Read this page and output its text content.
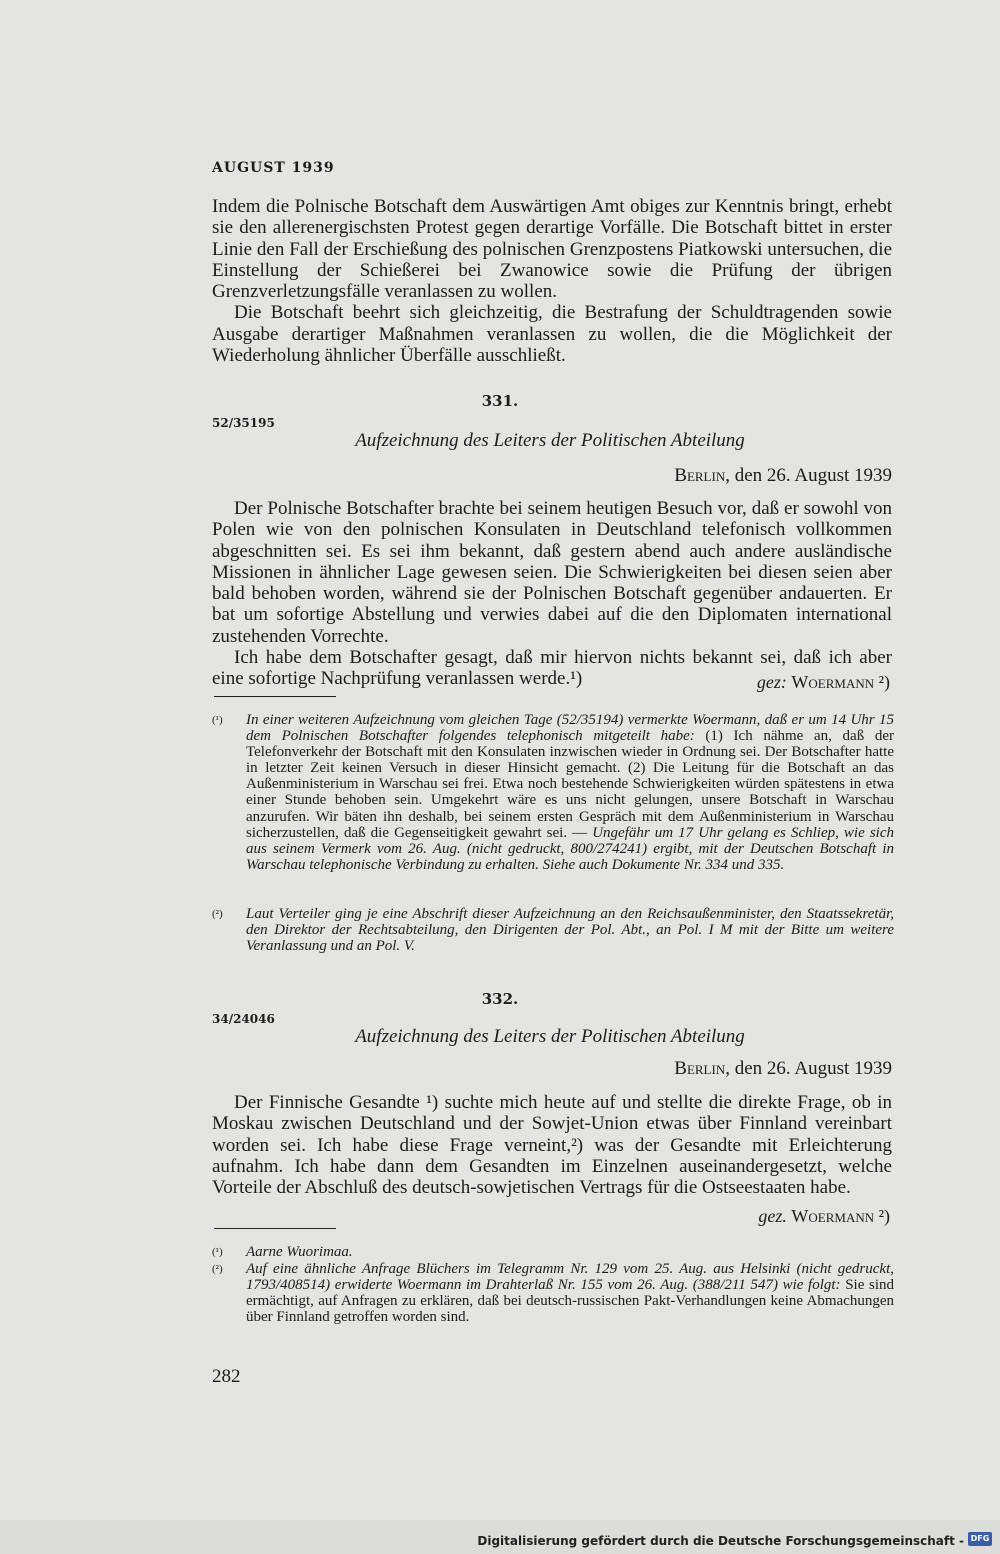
AUGUST 1939

Indem die Polnische Botschaft dem Auswärtigen Amt obiges zur Kenntnis bringt, erhebt sie den allerenergischsten Protest gegen derartige Vorfälle. Die Botschaft bittet in erster Linie den Fall der Erschießung des polnischen Grenzpostens Piatkowski untersuchen, die Einstellung der Schießerei bei Zwanowice sowie die Prüfung der übrigen Grenzverletzungsfälle veranlassen zu wollen.

Die Botschaft beehrt sich gleichzeitig, die Bestrafung der Schuldtragenden sowie Ausgabe derartiger Maßnahmen veranlassen zu wollen, die die Möglichkeit der Wiederholung ähnlicher Überfälle ausschließt.

331.
52/35195
Aufzeichnung des Leiters der Politischen Abteilung
Berlin, den 26. August 1939

Der Polnische Botschafter brachte bei seinem heutigen Besuch vor, daß er sowohl von Polen wie von den polnischen Konsulaten in Deutschland telefonisch vollkommen abgeschnitten sei. Es sei ihm bekannt, daß gestern abend auch andere ausländische Missionen in ähnlicher Lage gewesen seien. Die Schwierigkeiten bei diesen seien aber bald behoben worden, während sie der Polnischen Botschaft gegenüber andauerten. Er bat um sofortige Abstellung und verwies dabei auf die den Diplomaten international zustehenden Vorrechte.

Ich habe dem Botschafter gesagt, daß mir hiervon nichts bekannt sei, daß ich aber eine sofortige Nachprüfung veranlassen werde.¹)	gez: Woermann ²)
(¹) In einer weiteren Aufzeichnung vom gleichen Tage (52/35194) vermerkte Woermann, daß er um 14 Uhr 15 dem Polnischen Botschafter folgendes telephonisch mitgeteilt habe: (1) Ich nähme an, daß der Telefonverkehr der Botschaft mit den Konsulaten inzwischen wieder in Ordnung sei. Der Botschafter hatte in letzter Zeit keinen Versuch in dieser Hinsicht gemacht. (2) Die Leitung für die Botschaft an das Außenministerium in Warschau sei frei. Etwa noch bestehende Schwierigkeiten würden spätestens in etwa einer Stunde behoben sein. Umgekehrt wäre es uns nicht gelungen, unsere Botschaft in Warschau anzurufen. Wir bäten ihn deshalb, bei seinem ersten Gespräch mit dem Außenministerium in Warschau sicherzustellen, daß die Gegenseitigkeit gewahrt sei. — Ungefähr um 17 Uhr gelang es Schliep, wie sich aus seinem Vermerk vom 26. Aug. (nicht gedruckt, 800/274241) ergibt, mit der Deutschen Botschaft in Warschau telephonische Verbindung zu erhalten. Siehe auch Dokumente Nr. 334 und 335.
(²) Laut Verteiler ging je eine Abschrift dieser Aufzeichnung an den Reichsaußenminister, den Staatssekretär, den Direktor der Rechtsabteilung, den Dirigenten der Pol. Abt., an Pol. I M mit der Bitte um weitere Veranlassung und an Pol. V.
332.
34/24046
Aufzeichnung des Leiters der Politischen Abteilung
Berlin, den 26. August 1939

Der Finnische Gesandte ¹) suchte mich heute auf und stellte die direkte Frage, ob in Moskau zwischen Deutschland und der Sowjet-Union etwas über Finnland vereinbart worden sei. Ich habe diese Frage verneint,²) was der Gesandte mit Erleichterung aufnahm. Ich habe dann dem Gesandten im Einzelnen auseinandergesetzt, welche Vorteile der Abschluß des deutsch-sowjetischen Vertrags für die Ostseestaaten habe.

gez. Woermann ²)
(¹) Aarne Wuorimaa.
(²) Auf eine ähnliche Anfrage Blüchers im Telegramm Nr. 129 vom 25. Aug. aus Helsinki (nicht gedruckt, 1793/408514) erwiderte Woermann im Drahterlaß Nr. 155 vom 26. Aug. (388/211 547) wie folgt: Sie sind ermächtigt, auf Anfragen zu erklären, daß bei deutsch-russischen Pakt-Verhandlungen keine Abmachungen über Finnland getroffen worden sind.
282
Digitalisierung gefördert durch die Deutsche Forschungsgemeinschaft - DFG
